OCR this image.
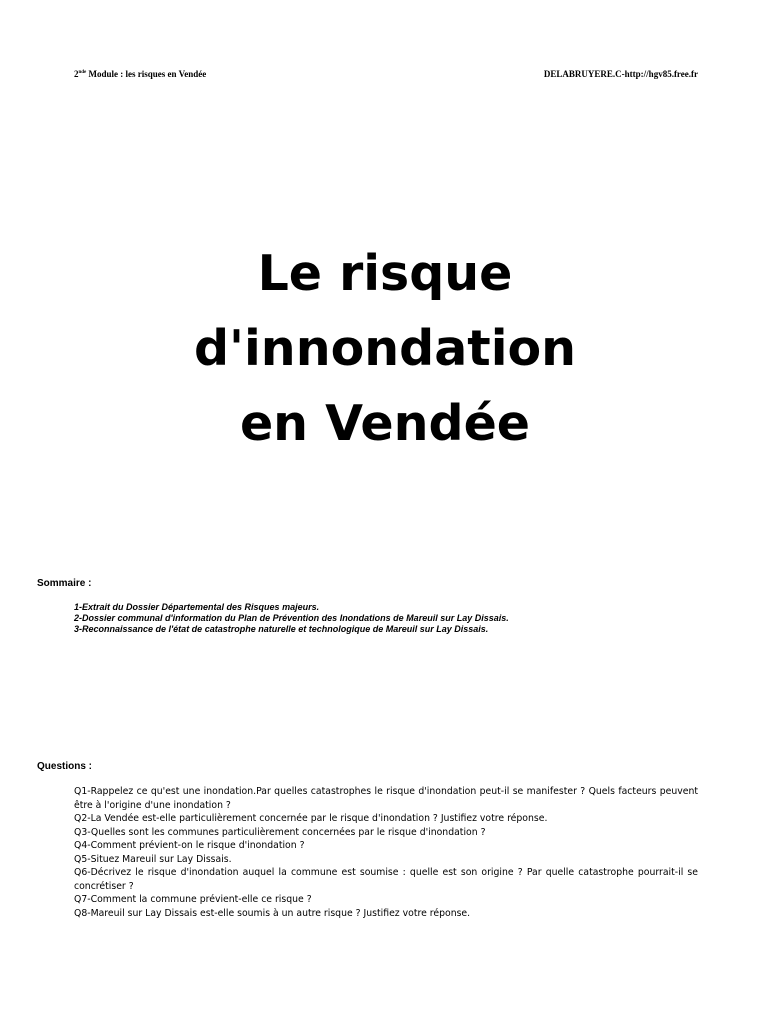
2nde Module : les risques en Vendée	DELABRUYERE.C-http://hgv85.free.fr
Le risque
d'innondation
en Vendée
Sommaire :
1-Extrait du Dossier Départemental des Risques majeurs.
2-Dossier communal d'information du Plan de Prévention des Inondations de Mareuil sur Lay Dissais.
3-Reconnaissance de l'état de catastrophe naturelle et technologique de Mareuil sur Lay Dissais.
Questions :
Q1-Rappelez ce qu'est une inondation.Par quelles catastrophes le risque d'inondation peut-il se manifester ? Quels facteurs peuvent être à l'origine d'une inondation ?
Q2-La Vendée est-elle particulièrement concernée par le risque d'inondation ? Justifiez votre réponse.
Q3-Quelles sont les communes particulièrement concernées par le risque d'inondation ?
Q4-Comment prévient-on le risque d'inondation ?
Q5-Situez Mareuil sur Lay Dissais.
Q6-Décrivez le risque d'inondation auquel la commune est soumise : quelle est son origine ? Par quelle catastrophe pourrait-il se concrétiser ?
Q7-Comment la commune prévient-elle ce risque ?
Q8-Mareuil sur Lay Dissais est-elle soumis à un autre risque ? Justifiez votre réponse.
